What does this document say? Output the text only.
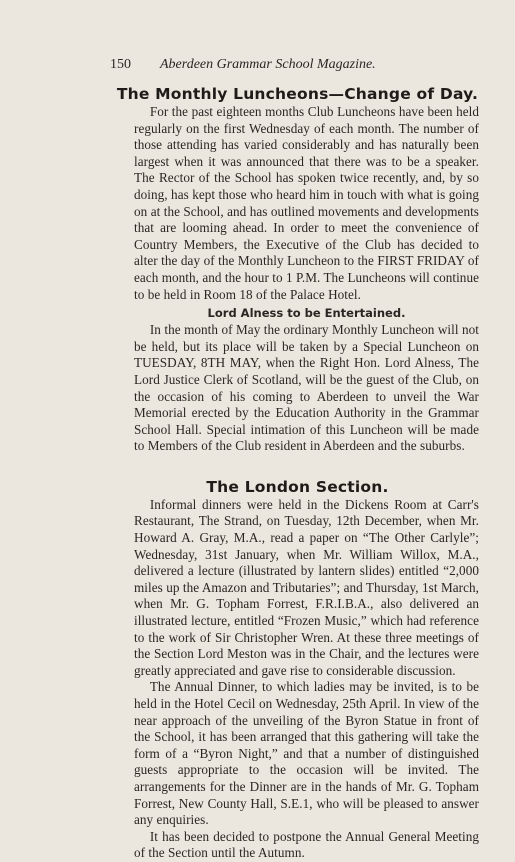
150	Aberdeen Grammar School Magazine.
The Monthly Luncheons—Change of Day.

For the past eighteen months Club Luncheons have been held regularly on the first Wednesday of each month. The number of those attending has varied considerably and has naturally been largest when it was announced that there was to be a speaker. The Rector of the School has spoken twice recently, and, by so doing, has kept those who heard him in touch with what is going on at the School, and has outlined movements and developments that are looming ahead. In order to meet the convenience of Country Members, the Executive of the Club has decided to alter the day of the Monthly Luncheon to the FIRST FRIDAY of each month, and the hour to 1 P.M. The Luncheons will continue to be held in Room 18 of the Palace Hotel.

Lord Alness to be Entertained.

In the month of May the ordinary Monthly Luncheon will not be held, but its place will be taken by a Special Luncheon on TUESDAY, 8TH MAY, when the Right Hon. Lord Alness, The Lord Justice Clerk of Scotland, will be the guest of the Club, on the occasion of his coming to Aberdeen to unveil the War Memorial erected by the Education Authority in the Grammar School Hall. Special intimation of this Luncheon will be made to Members of the Club resident in Aberdeen and the suburbs.

The London Section.

Informal dinners were held in the Dickens Room at Carr's Restaurant, The Strand, on Tuesday, 12th December, when Mr. Howard A. Gray, M.A., read a paper on “The Other Carlyle”; Wednesday, 31st January, when Mr. William Willox, M.A., delivered a lecture (illustrated by lantern slides) entitled “2,000 miles up the Amazon and Tributaries”; and Thursday, 1st March, when Mr. G. Topham Forrest, F.R.I.B.A., also delivered an illustrated lecture, entitled “Frozen Music,” which had reference to the work of Sir Christopher Wren. At these three meetings of the Section Lord Meston was in the Chair, and the lectures were greatly appreciated and gave rise to considerable discussion.

The Annual Dinner, to which ladies may be invited, is to be held in the Hotel Cecil on Wednesday, 25th April. In view of the near approach of the unveiling of the Byron Statue in front of the School, it has been arranged that this gathering will take the form of a “Byron Night,” and that a number of distinguished guests appropriate to the occasion will be invited. The arrangements for the Dinner are in the hands of Mr. G. Topham Forrest, New County Hall, S.E.1, who will be pleased to answer any enquiries.

It has been decided to postpone the Annual General Meeting of the Section until the Autumn.
